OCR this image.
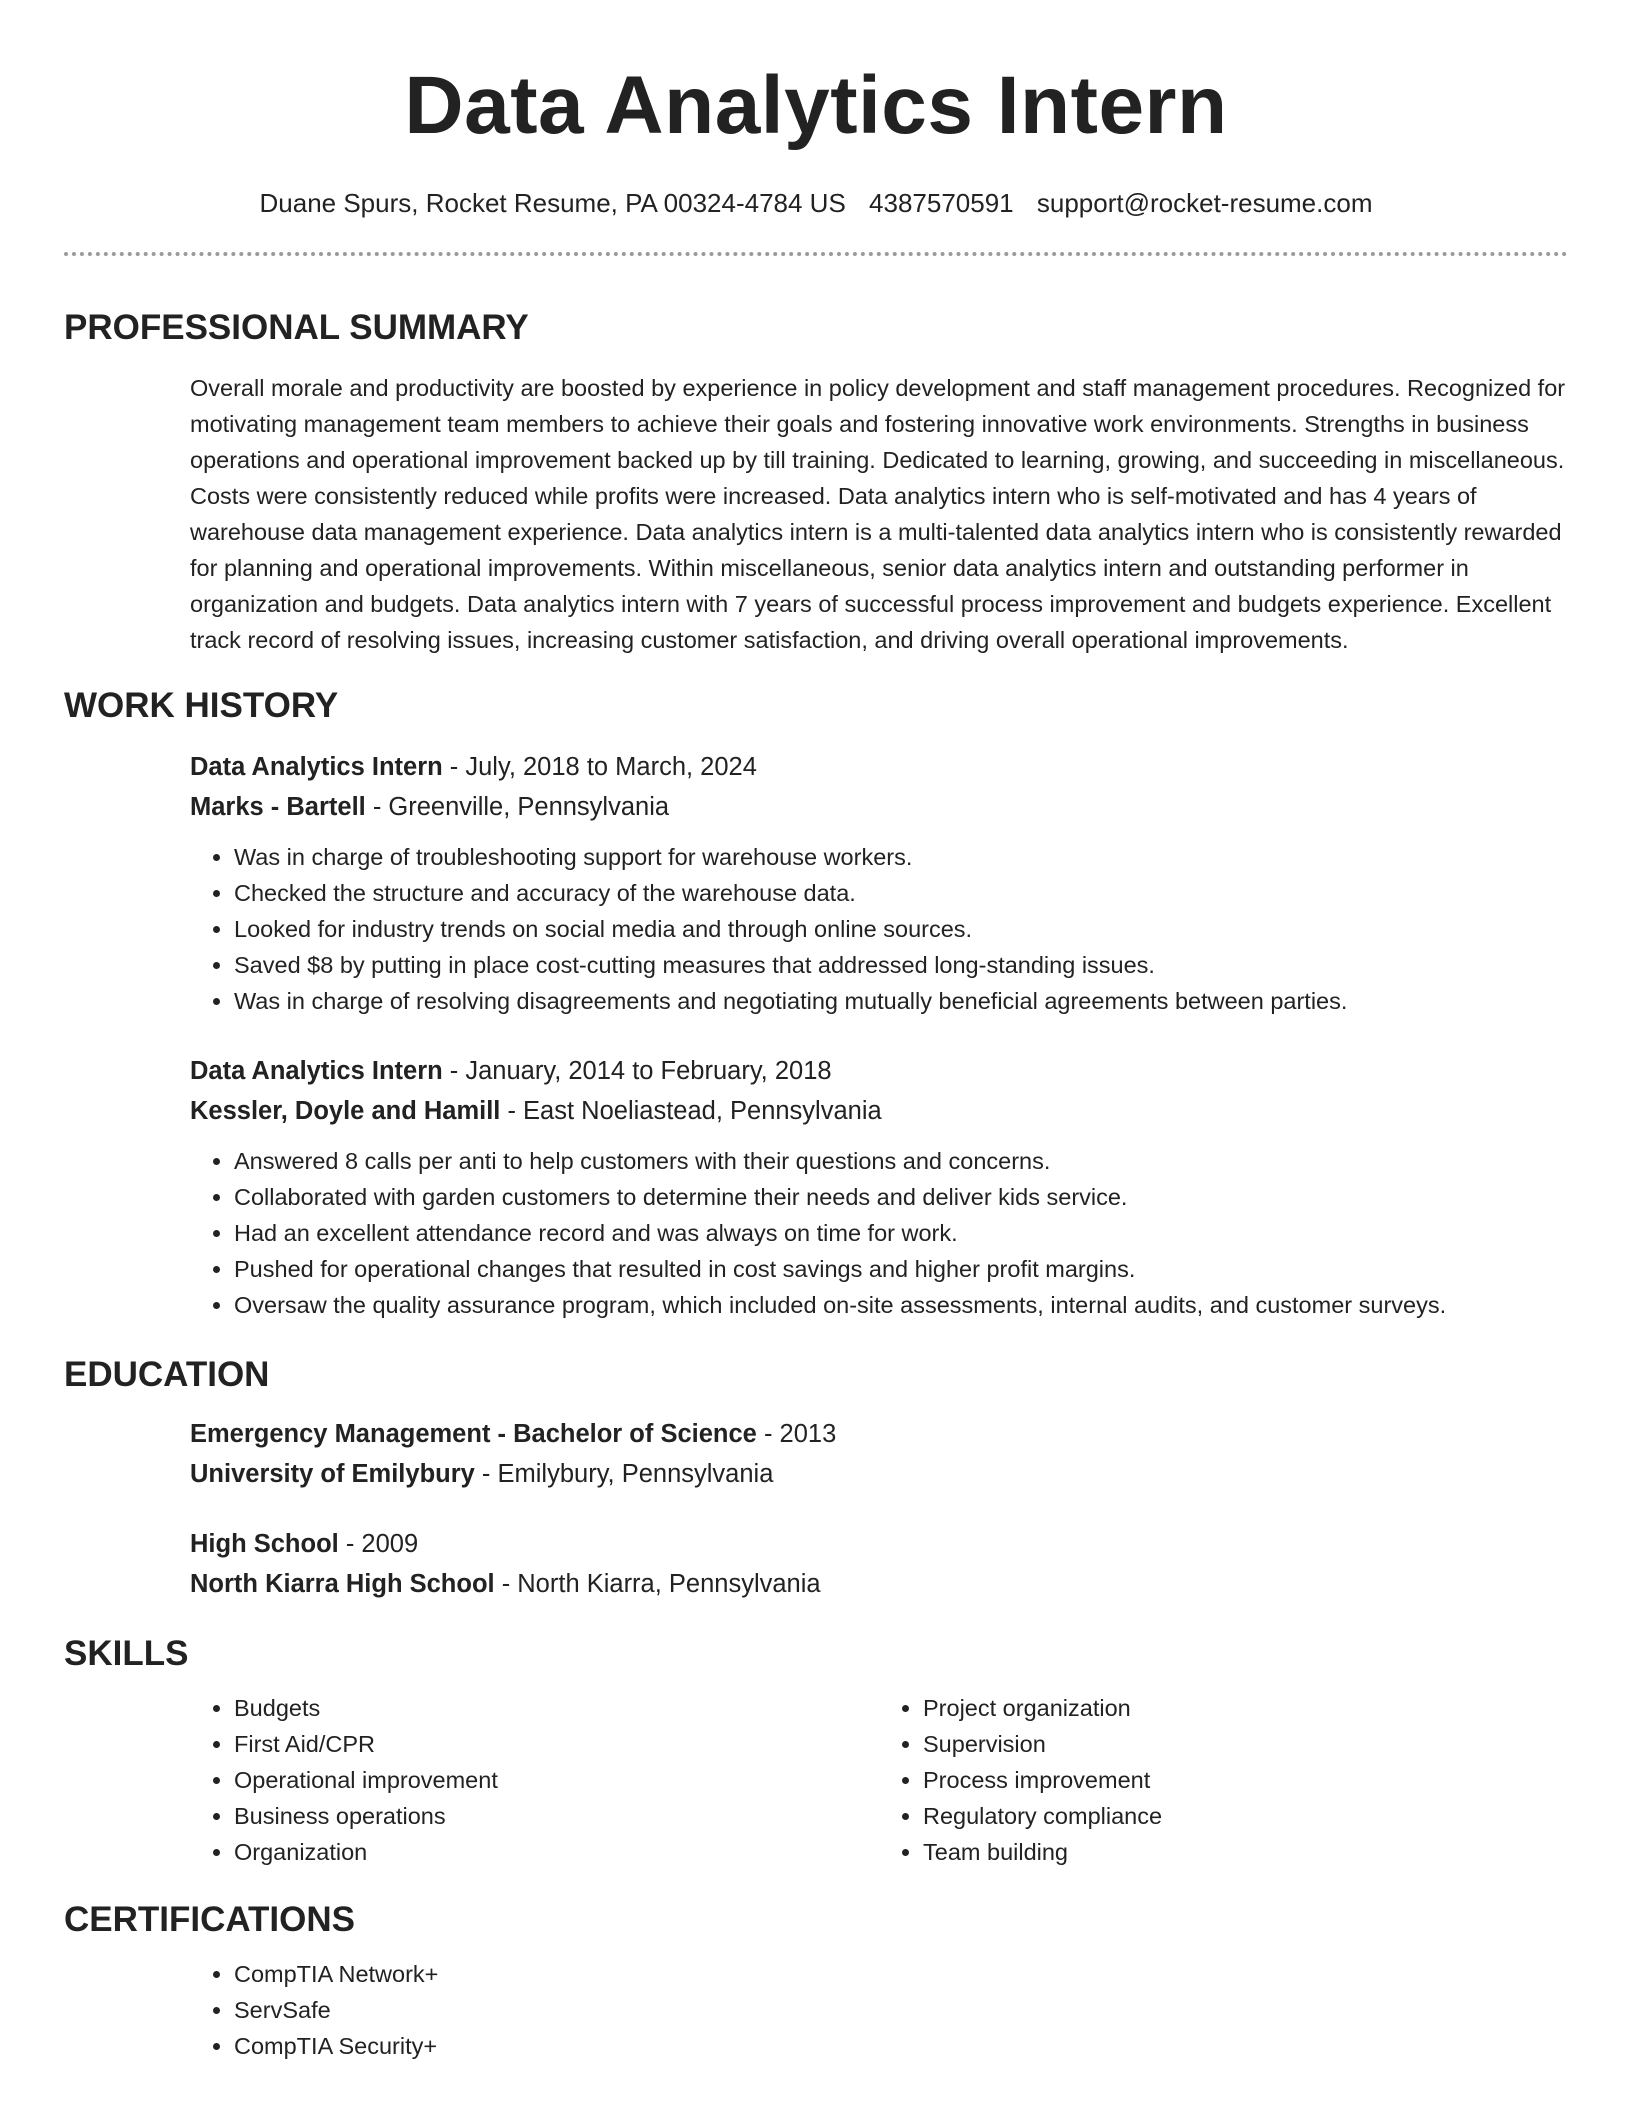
Data Analytics Intern
Duane Spurs, Rocket Resume, PA 00324-4784 US 4387570591 support@rocket-resume.com
PROFESSIONAL SUMMARY

Overall morale and productivity are boosted by experience in policy development and staff management procedures. Recognized for motivating management team members to achieve their goals and fostering innovative work environments. Strengths in business operations and operational improvement backed up by till training. Dedicated to learning, growing, and succeeding in miscellaneous. Costs were consistently reduced while profits were increased. Data analytics intern who is self-motivated and has 4 years of warehouse data management experience. Data analytics intern is a multi-talented data analytics intern who is consistently rewarded for planning and operational improvements. Within miscellaneous, senior data analytics intern and outstanding performer in organization and budgets. Data analytics intern with 7 years of successful process improvement and budgets experience. Excellent track record of resolving issues, increasing customer satisfaction, and driving overall operational improvements.

WORK HISTORY
Data Analytics Intern - July, 2018 to March, 2024
Marks - Bartell - Greenville, Pennsylvania
• Was in charge of troubleshooting support for warehouse workers.
• Checked the structure and accuracy of the warehouse data.
• Looked for industry trends on social media and through online sources.
• Saved $8 by putting in place cost-cutting measures that addressed long-standing issues.
• Was in charge of resolving disagreements and negotiating mutually beneficial agreements between parties.
Data Analytics Intern - January, 2014 to February, 2018
Kessler, Doyle and Hamill - East Noeliastead, Pennsylvania
• Answered 8 calls per anti to help customers with their questions and concerns.
• Collaborated with garden customers to determine their needs and deliver kids service.
• Had an excellent attendance record and was always on time for work.
• Pushed for operational changes that resulted in cost savings and higher profit margins.
• Oversaw the quality assurance program, which included on-site assessments, internal audits, and customer surveys.
EDUCATION
Emergency Management - Bachelor of Science - 2013
University of Emilybury - Emilybury, Pennsylvania
High School - 2009
North Kiarra High School - North Kiarra, Pennsylvania
SKILLS
• Budgets
• First Aid/CPR
• Operational improvement
• Business operations
• Organization
• Project organization
• Supervision
• Process improvement
• Regulatory compliance
• Team building
CERTIFICATIONS
• CompTIA Network+
• ServSafe
• CompTIA Security+
